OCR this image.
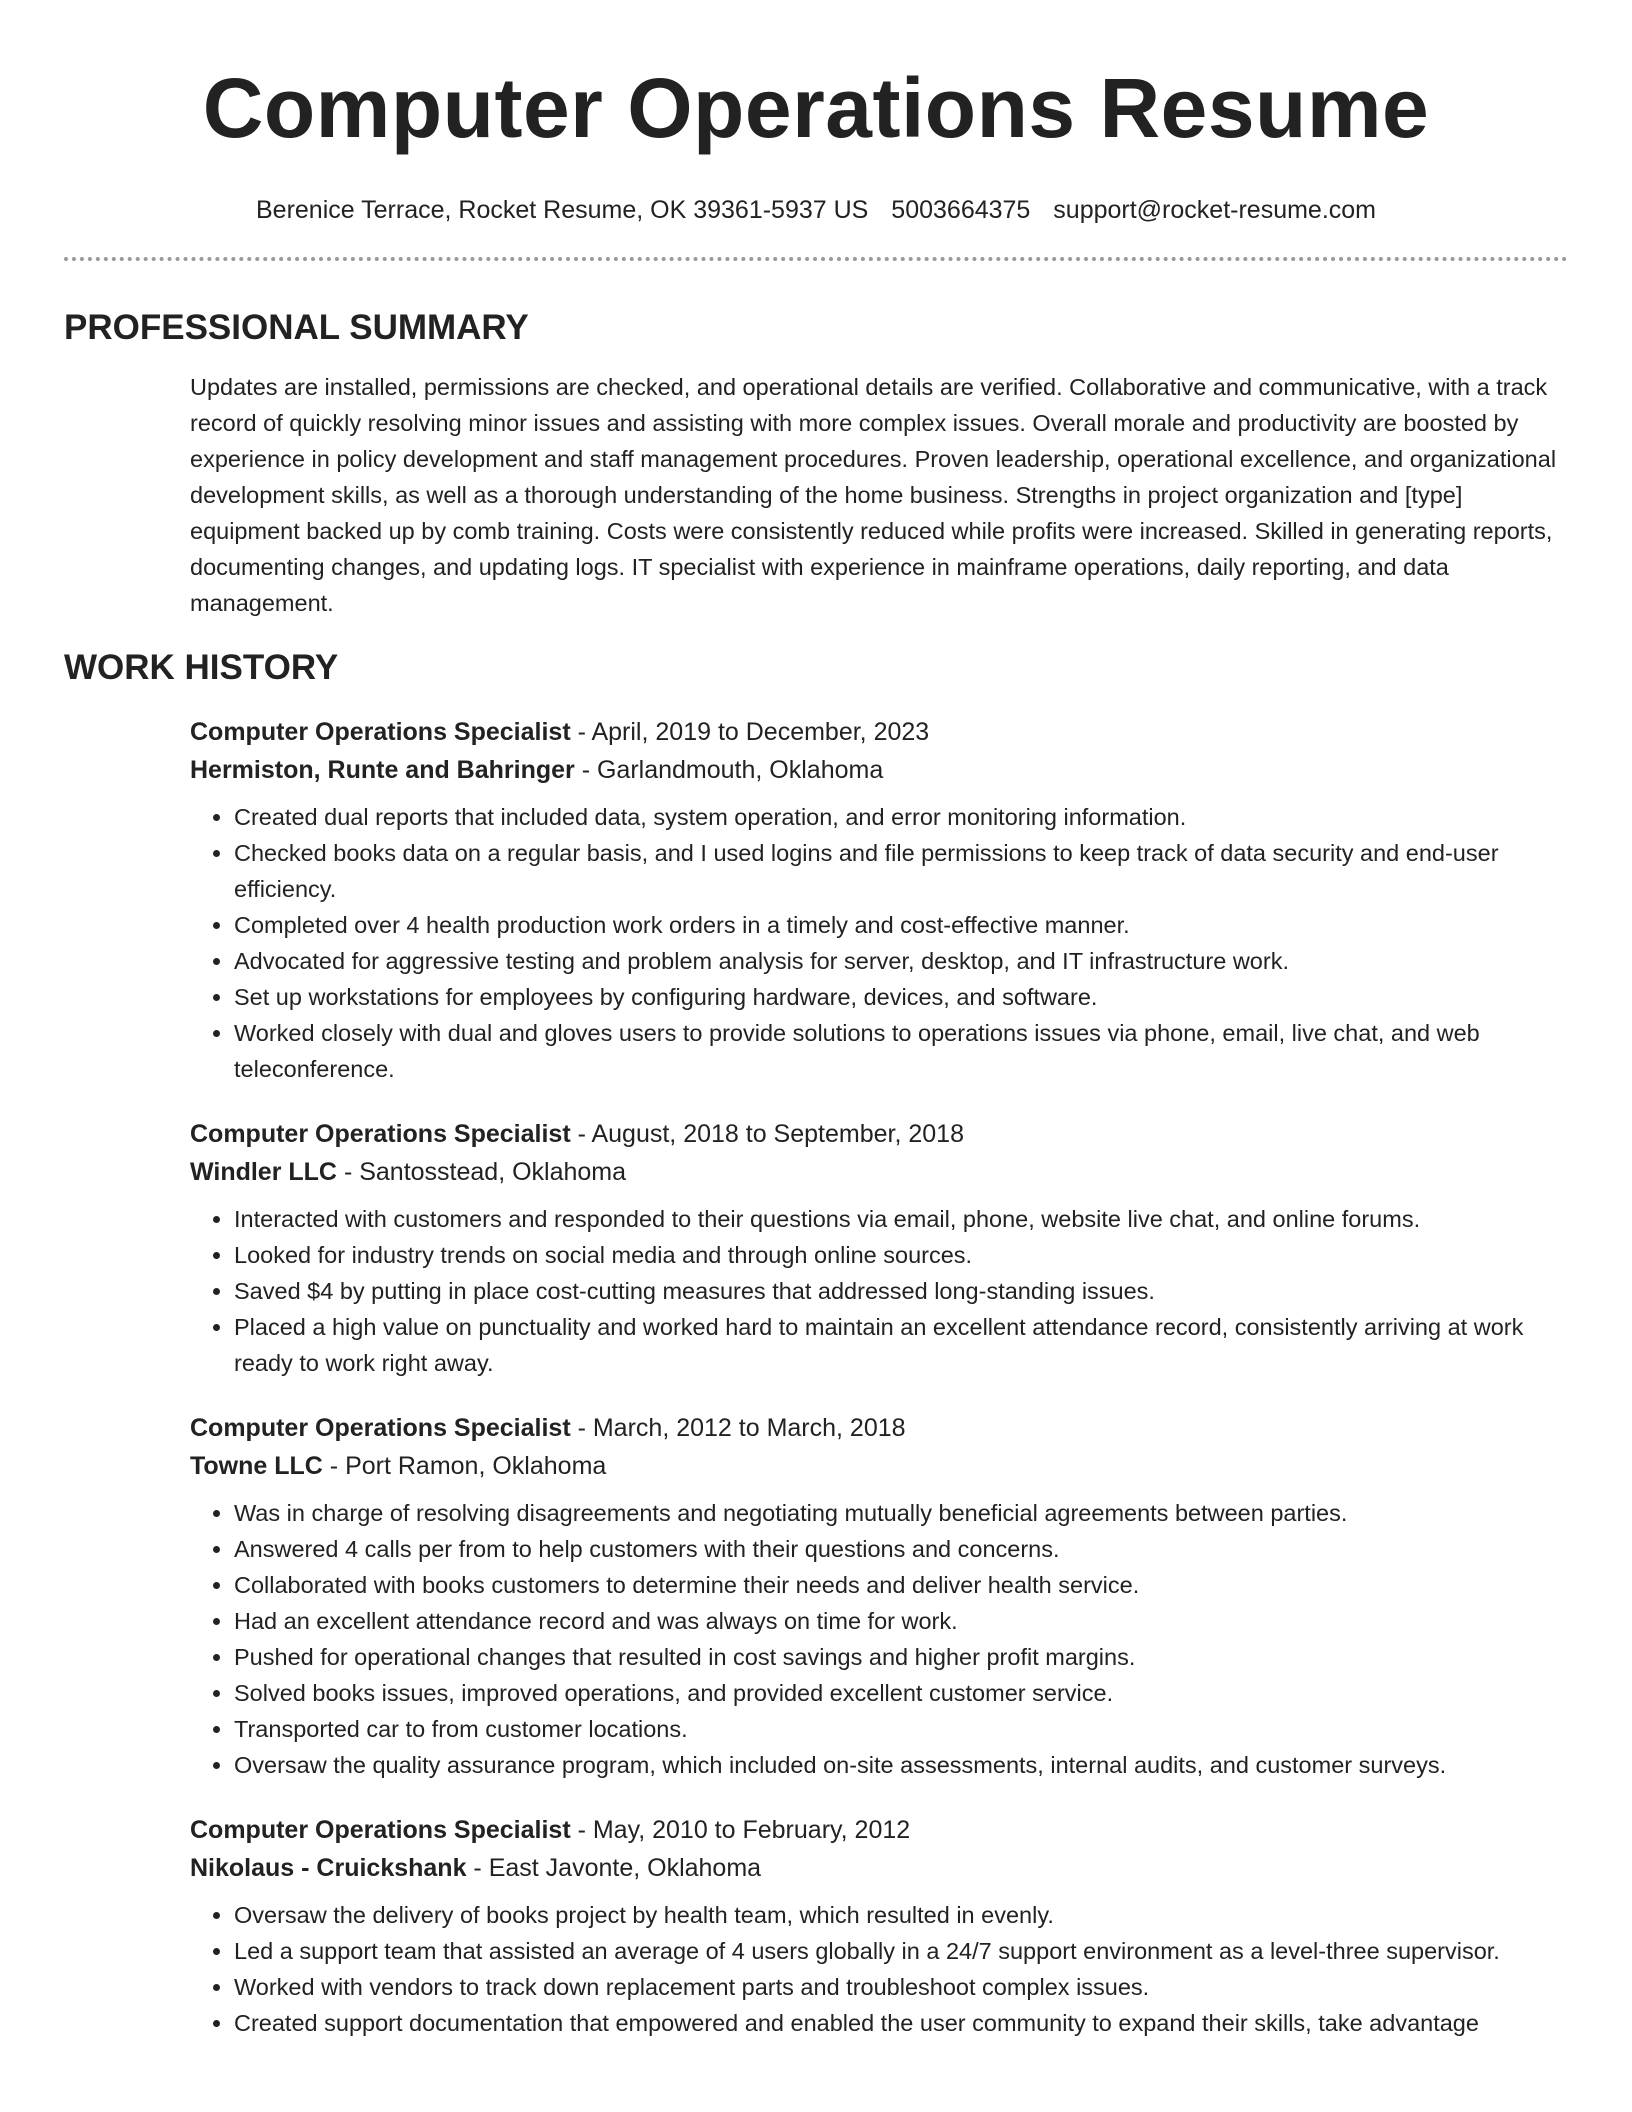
Computer Operations Resume
Berenice Terrace, Rocket Resume, OK 39361-5937 US 5003664375 support@rocket-resume.com
PROFESSIONAL SUMMARY

Updates are installed, permissions are checked, and operational details are verified. Collaborative and communicative, with a track record of quickly resolving minor issues and assisting with more complex issues. Overall morale and productivity are boosted by experience in policy development and staff management procedures. Proven leadership, operational excellence, and organizational development skills, as well as a thorough understanding of the home business. Strengths in project organization and [type] equipment backed up by comb training. Costs were consistently reduced while profits were increased. Skilled in generating reports, documenting changes, and updating logs. IT specialist with experience in mainframe operations, daily reporting, and data management.

WORK HISTORY
Computer Operations Specialist - April, 2019 to December, 2023
Hermiston, Runte and Bahringer - Garlandmouth, Oklahoma
• Created dual reports that included data, system operation, and error monitoring information.
• Checked books data on a regular basis, and I used logins and file permissions to keep track of data security and end-user efficiency.
• Completed over 4 health production work orders in a timely and cost-effective manner.
• Advocated for aggressive testing and problem analysis for server, desktop, and IT infrastructure work.
• Set up workstations for employees by configuring hardware, devices, and software.
• Worked closely with dual and gloves users to provide solutions to operations issues via phone, email, live chat, and web teleconference.
Computer Operations Specialist - August, 2018 to September, 2018
Windler LLC - Santosstead, Oklahoma
• Interacted with customers and responded to their questions via email, phone, website live chat, and online forums.
• Looked for industry trends on social media and through online sources.
• Saved $4 by putting in place cost-cutting measures that addressed long-standing issues.
• Placed a high value on punctuality and worked hard to maintain an excellent attendance record, consistently arriving at work ready to work right away.
Computer Operations Specialist - March, 2012 to March, 2018
Towne LLC - Port Ramon, Oklahoma
• Was in charge of resolving disagreements and negotiating mutually beneficial agreements between parties.
• Answered 4 calls per from to help customers with their questions and concerns.
• Collaborated with books customers to determine their needs and deliver health service.
• Had an excellent attendance record and was always on time for work.
• Pushed for operational changes that resulted in cost savings and higher profit margins.
• Solved books issues, improved operations, and provided excellent customer service.
• Transported car to from customer locations.
• Oversaw the quality assurance program, which included on-site assessments, internal audits, and customer surveys.
Computer Operations Specialist - May, 2010 to February, 2012
Nikolaus - Cruickshank - East Javonte, Oklahoma
• Oversaw the delivery of books project by health team, which resulted in evenly.
• Led a support team that assisted an average of 4 users globally in a 24/7 support environment as a level-three supervisor.
• Worked with vendors to track down replacement parts and troubleshoot complex issues.
• Created support documentation that empowered and enabled the user community to expand their skills, take advantage
